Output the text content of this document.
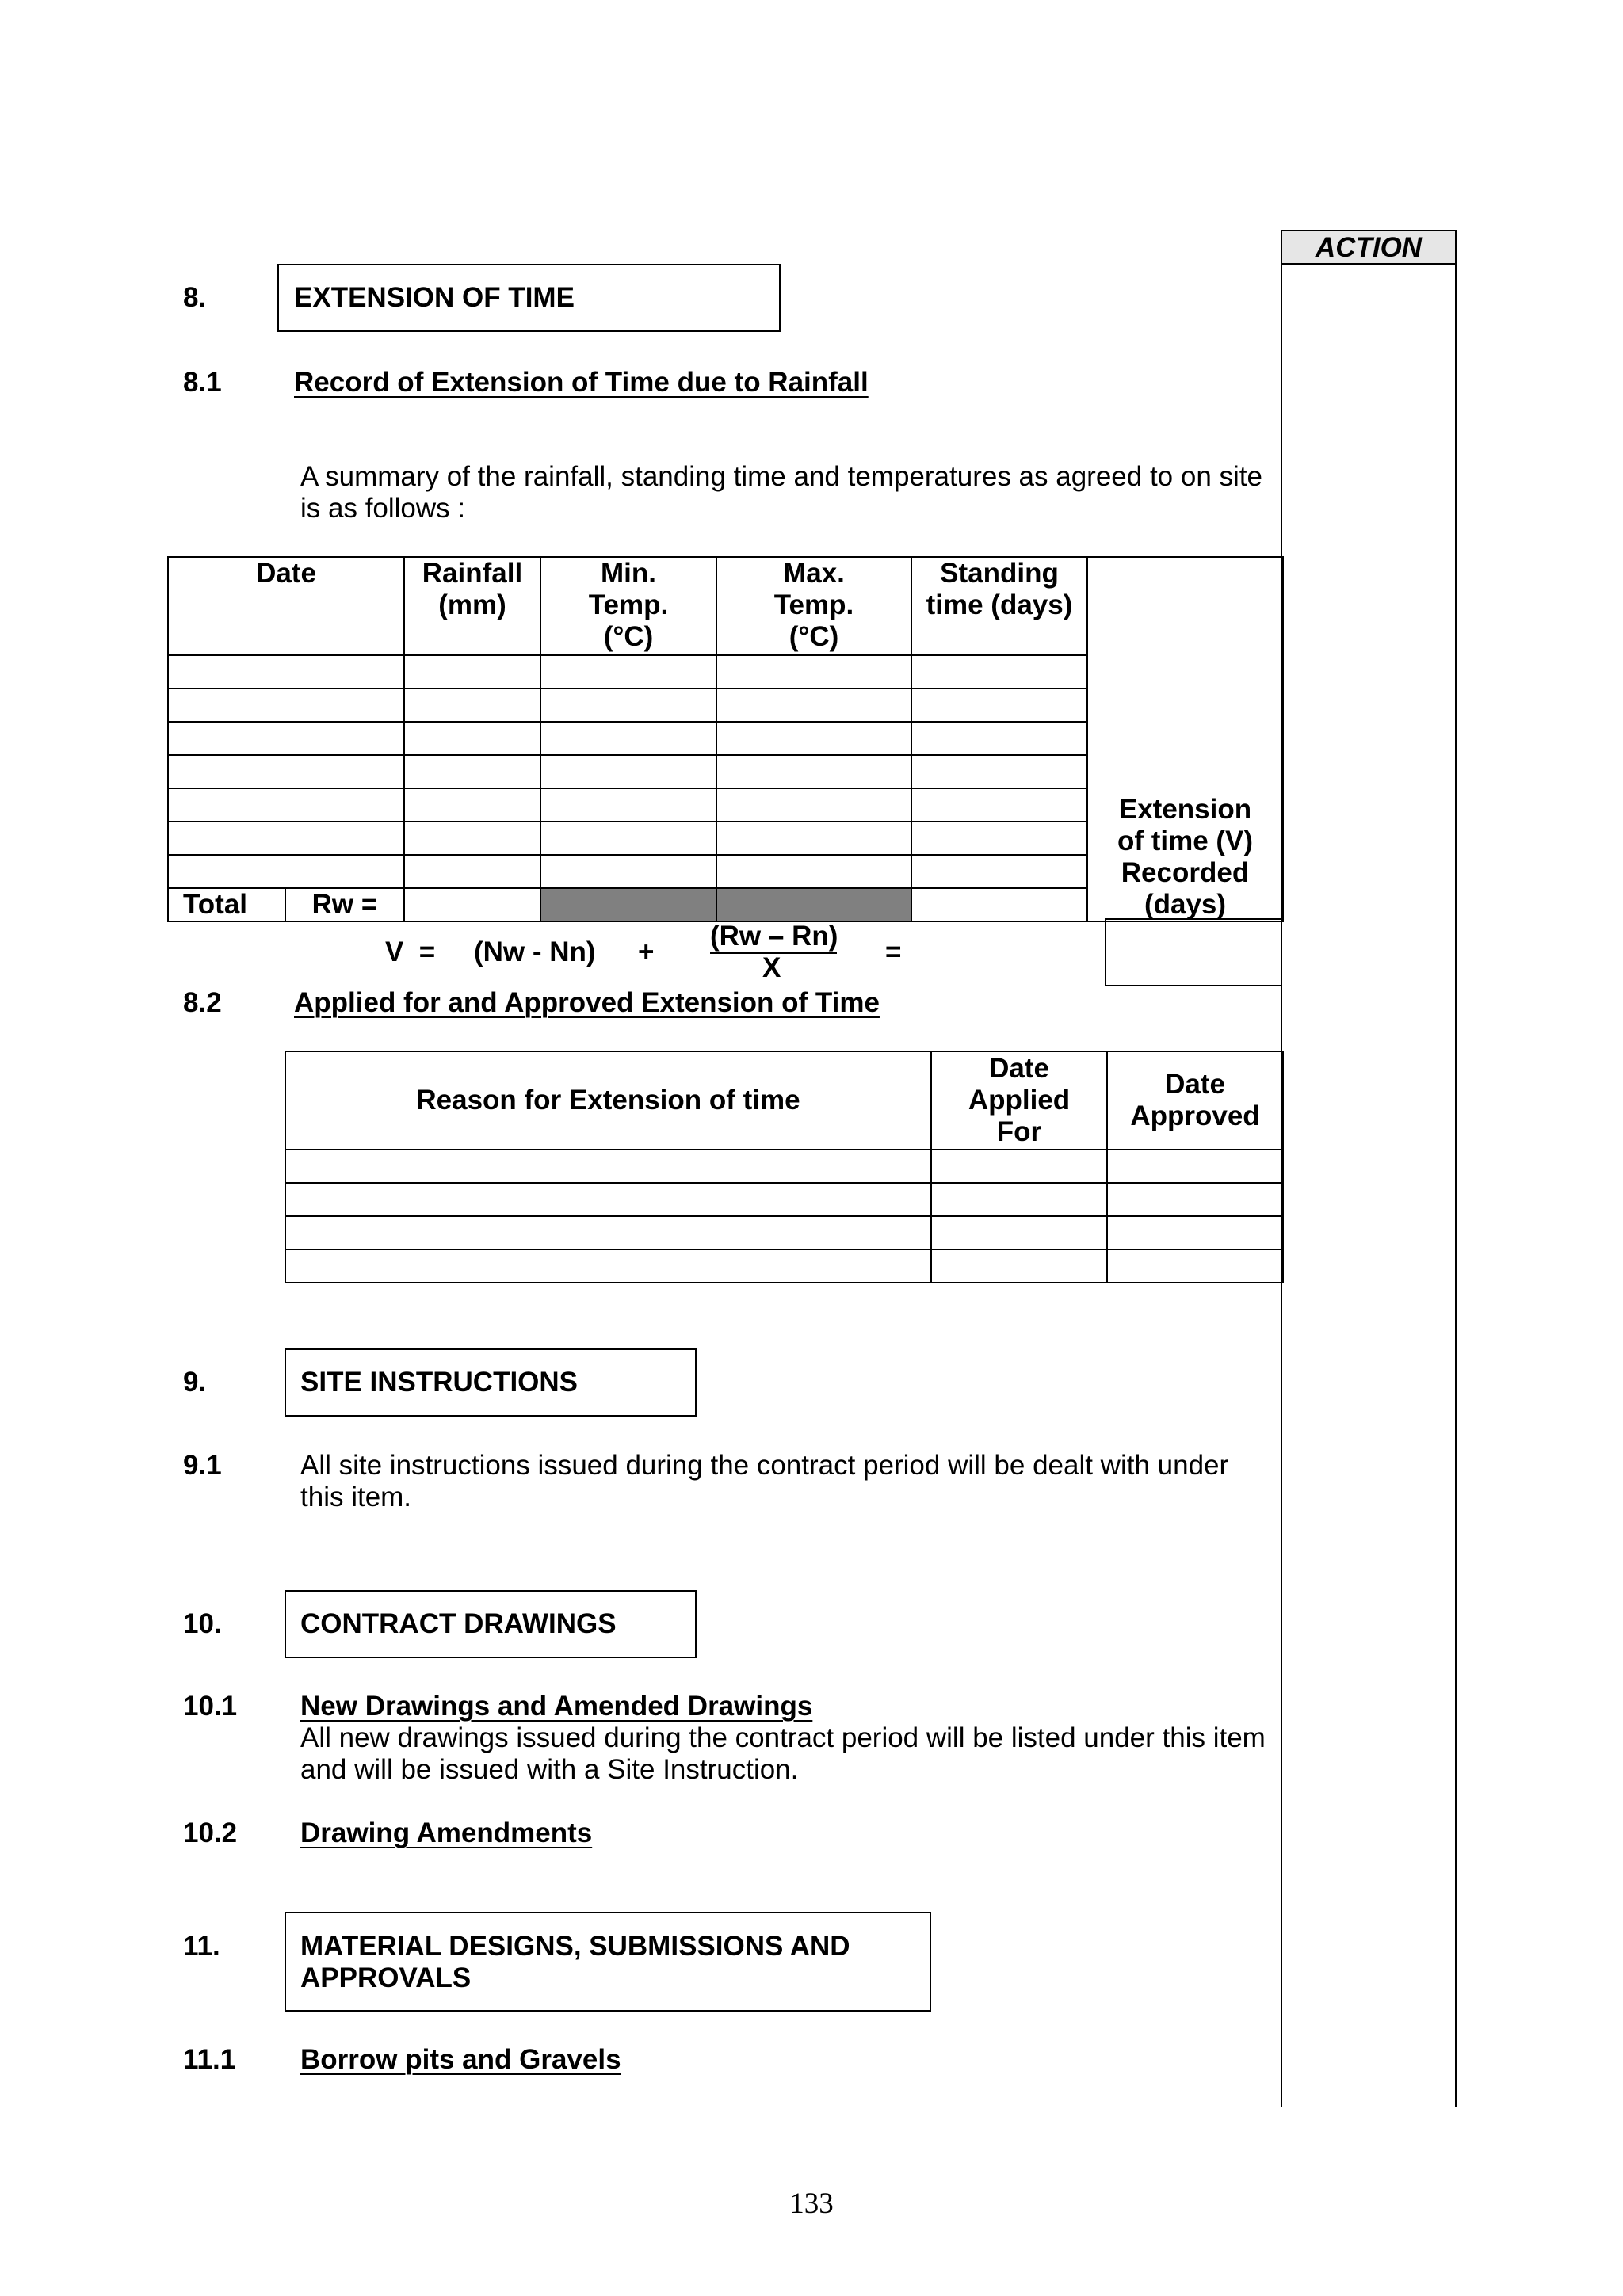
ACTION
8.	EXTENSION OF TIME
8.1	Record of Extension of Time due to Rainfall
A summary of the rainfall, standing time and temperatures as agreed to on site is as follows :
Date		Rainfall (mm)	Min. Temp. (°C)	Max. Temp. (°C)	Standing time (days)	Extension of time (V) Recorded (days)

Total	Rw =					
V  = (Nw - Nn) +
(Rw – Rn)
X
=
8.2	Applied for and Approved Extension of Time
Reason for Extension of time	Date Applied For	Date Approved

9.	SITE INSTRUCTIONS
9.1	All site instructions issued during the contract period will be dealt with under this item.
10.	CONTRACT DRAWINGS
10.1 New Drawings and Amended Drawings
All new drawings issued during the contract period will be listed under this item and will be issued with a Site Instruction.
10.2 Drawing Amendments
11.	MATERIAL DESIGNS, SUBMISSIONS AND APPROVALS
11.1 Borrow pits and Gravels
133
